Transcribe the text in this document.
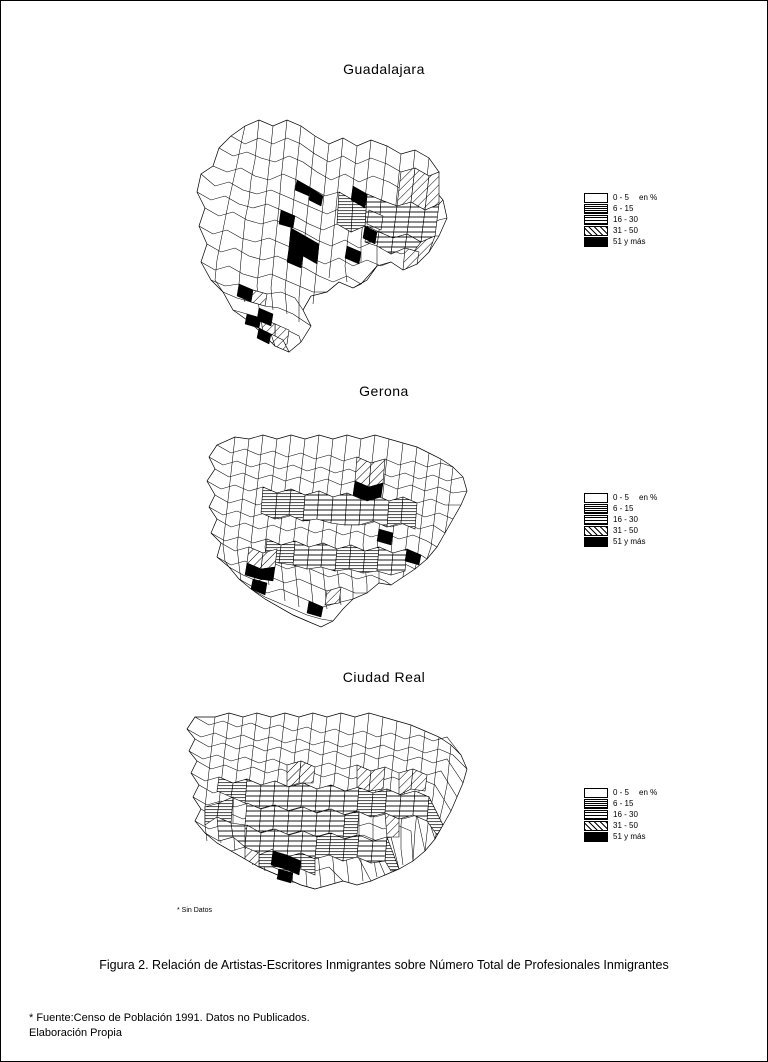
Guadalajara
0 - 5 en %
6 - 15
16 - 30
31 - 50
51 y más
Gerona
0 - 5 en %
6 - 15
16 - 30
31 - 50
51 y más
Ciudad Real
* Sin Datos
0 - 5 en %
6 - 15
16 - 30
31 - 50
51 y más
Figura 2. Relación de Artistas-Escritores Inmigrantes sobre Número Total de Profesionales Inmigrantes
* Fuente:Censo de Población 1991. Datos no Publicados.
Elaboración Propia
